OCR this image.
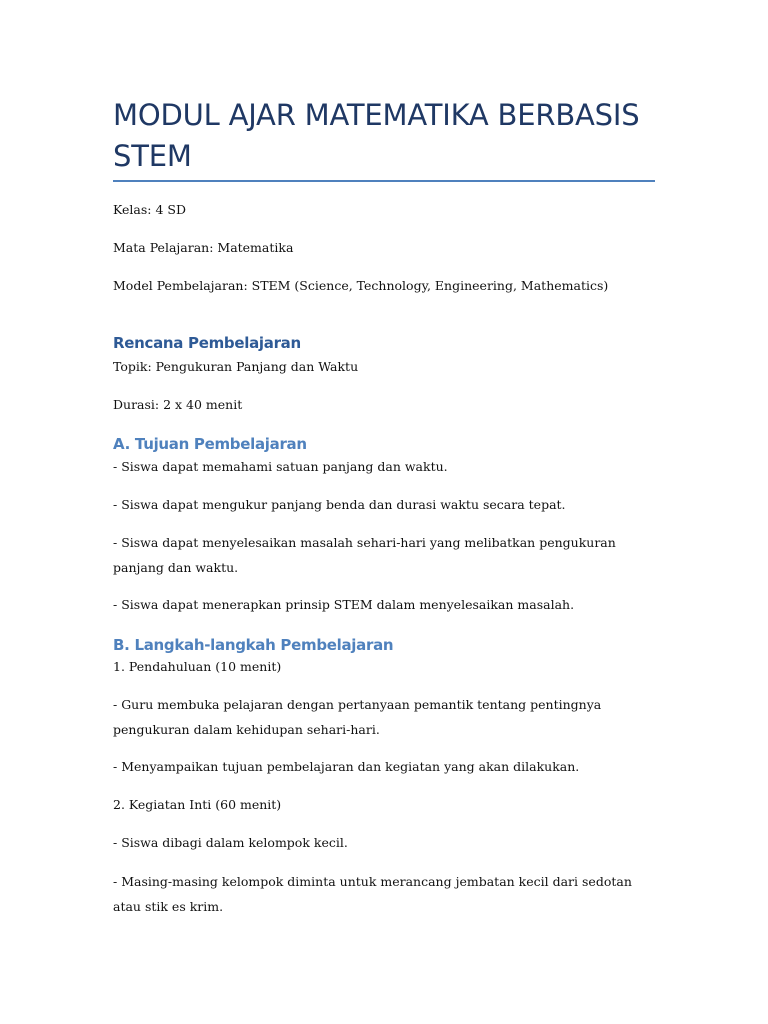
MODUL AJAR MATEMATIKA BERBASIS STEM

Kelas: 4 SD

Mata Pelajaran: Matematika

Model Pembelajaran: STEM (Science, Technology, Engineering, Mathematics)

Rencana Pembelajaran

Topik: Pengukuran Panjang dan Waktu

Durasi: 2 x 40 menit

A. Tujuan Pembelajaran

- Siswa dapat memahami satuan panjang dan waktu.

- Siswa dapat mengukur panjang benda dan durasi waktu secara tepat.

- Siswa dapat menyelesaikan masalah sehari-hari yang melibatkan pengukuran panjang dan waktu.

- Siswa dapat menerapkan prinsip STEM dalam menyelesaikan masalah.

B. Langkah-langkah Pembelajaran

1. Pendahuluan (10 menit)

- Guru membuka pelajaran dengan pertanyaan pemantik tentang pentingnya pengukuran dalam kehidupan sehari-hari.

- Menyampaikan tujuan pembelajaran dan kegiatan yang akan dilakukan.

2. Kegiatan Inti (60 menit)

- Siswa dibagi dalam kelompok kecil.

- Masing-masing kelompok diminta untuk merancang jembatan kecil dari sedotan atau stik es krim.
